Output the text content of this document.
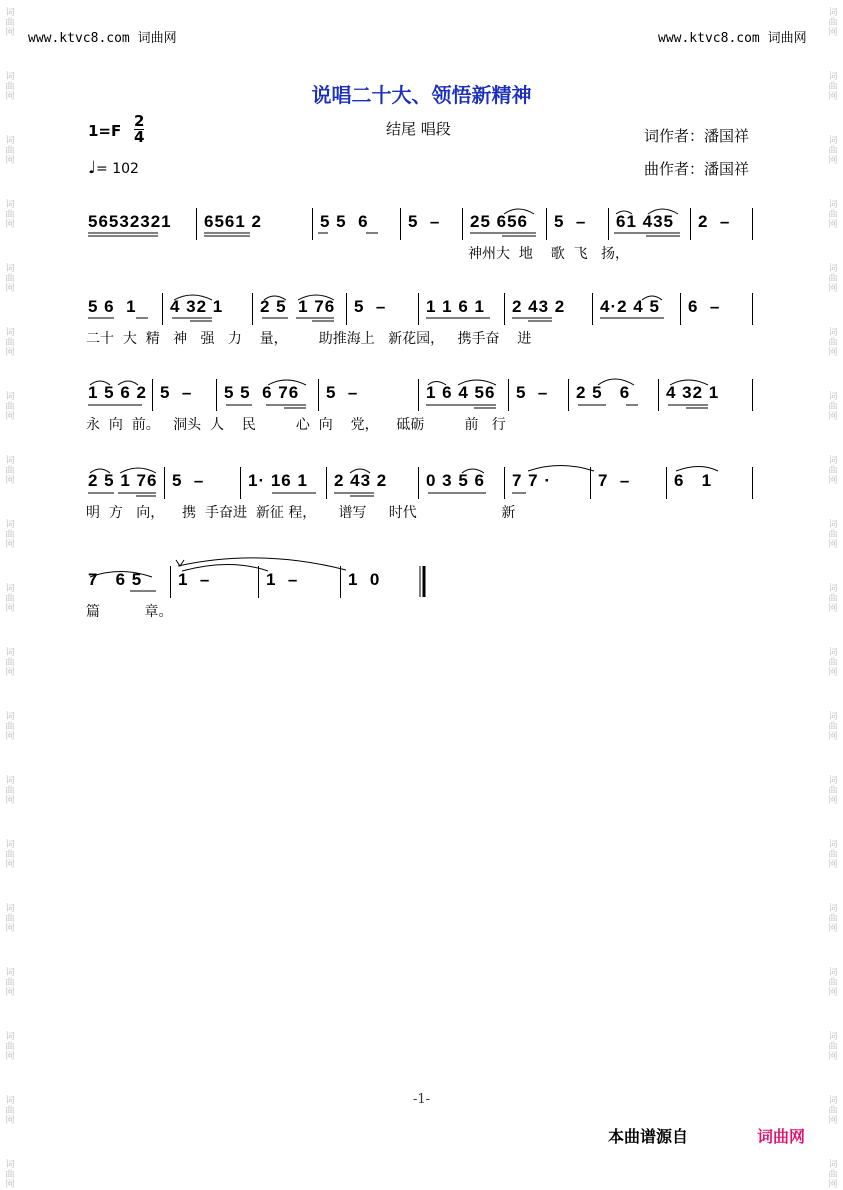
词
曲
网
词
曲
网
词
曲
网
词
曲
网
词
曲
网
词
曲
网
词
曲
网
词
曲
网
词
曲
网
词
曲
网
词
曲
网
词
曲
网
词
曲
网
词
曲
网
词
曲
网
词
曲
网
词
曲
网
词
曲
网
词
曲
网
词
曲
网
词
曲
网
词
曲
网
词
曲
网
词
曲
网
词
曲
网
词
曲
网
词
曲
网
词
曲
网
词
曲
网
词
曲
网
词
曲
网
词
曲
网
词
曲
网
词
曲
网
词
曲
网
词
曲
网
词
曲
网
词
曲
网
www.ktvc8.com 词曲网	www.ktvc8.com 词曲网
说唱二十大、领悟新精神
结尾 唱段	词作者：潘国祥
曲作者：潘国祥
$1=F \frac{2}{4}$
♩= 102
56532321 6561 2	5 5  6 5  – 25 656 5  – 61 435 2  –
神州大  地    歌  飞   扬，
5 6  1 4 32 1 2 5  1 76 5  – 1 1 6 1 2 43 2 4·2 4 5 6  –
二十  大  精   神   强   力    量，       助推海上   新花园，   携手奋    进
1 5 6 2 5  – 5 5  6 76 5  –	1 6 4 56 5  – 2 5   6 4 32 1
永  向  前。   洞头  人    民         心  向    党，    砥砺         前   行
2 5 1 76 5  –	1· 16 1 2 43 2 0 3 5 6 7 7 ·	7  –	6   1
明  方   向，    携  手奋进  新征 程，     谱写     时代                   新
7   6 5 1  –	1  –	1  0
篇          章。
-1-
本曲谱源自	词曲网
